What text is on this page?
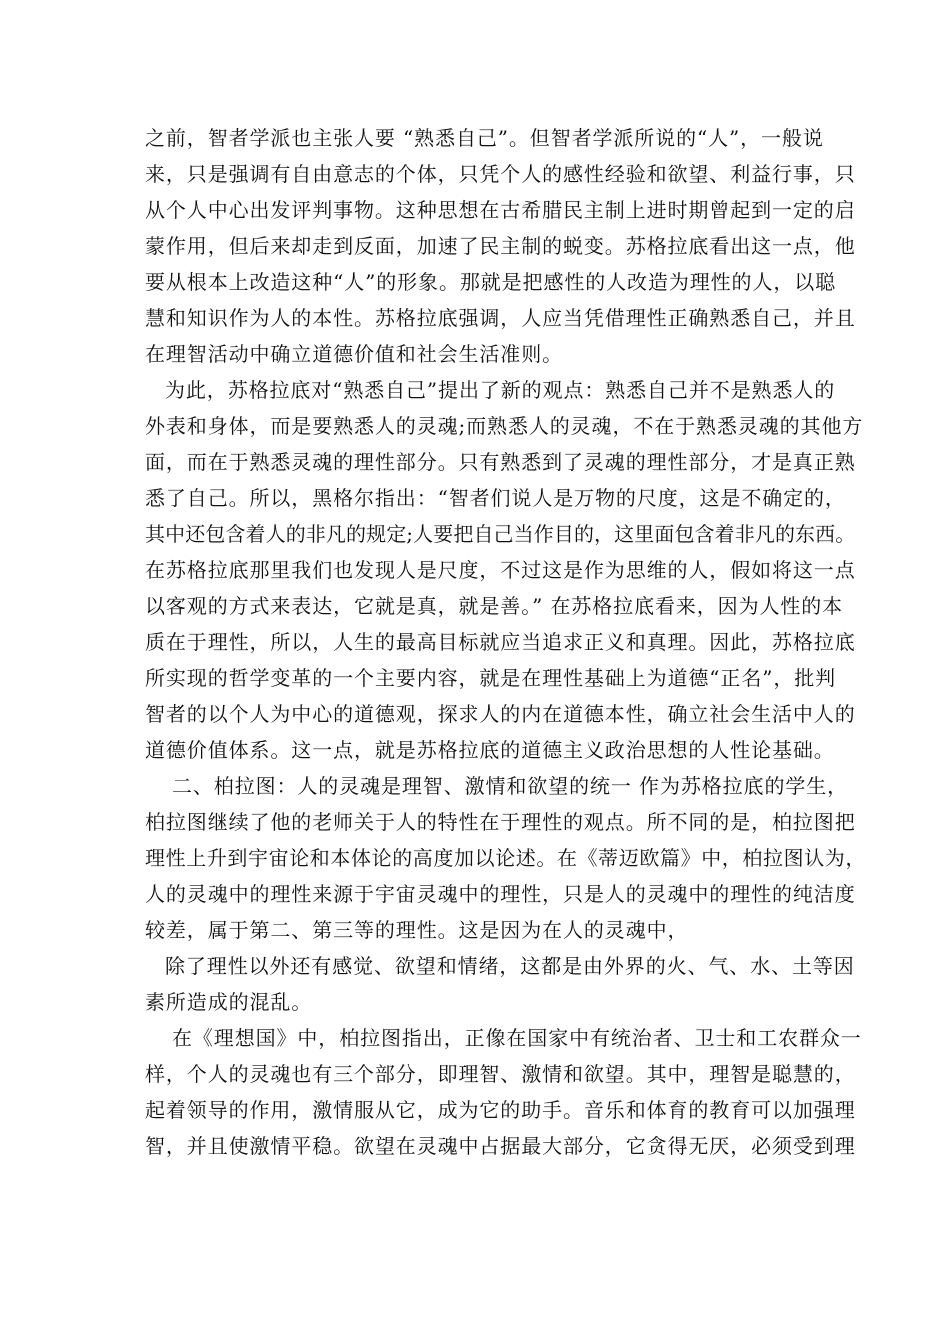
之前，智者学派也主张人要 “熟悉自己”。但智者学派所说的“人”，一般说
来，只是强调有自由意志的个体，只凭个人的感性经验和欲望、利益行事，只
从个人中心出发评判事物。这种思想在古希腊民主制上进时期曾起到一定的启
蒙作用，但后来却走到反面，加速了民主制的蜕变。苏格拉底看出这一点，他
要从根本上改造这种“人”的形象。那就是把感性的人改造为理性的人，以聪
慧和知识作为人的本性。苏格拉底强调，人应当凭借理性正确熟悉自己，并且
在理智活动中确立道德价值和社会生活准则。
为此，苏格拉底对“熟悉自己”提出了新的观点：熟悉自己并不是熟悉人的
外表和身体，而是要熟悉人的灵魂;而熟悉人的灵魂，不在于熟悉灵魂的其他方
面，而在于熟悉灵魂的理性部分。只有熟悉到了灵魂的理性部分，才是真正熟
悉了自己。所以，黑格尔指出：“智者们说人是万物的尺度，这是不确定的，
其中还包含着人的非凡的规定;人要把自己当作目的，这里面包含着非凡的东西。
在苏格拉底那里我们也发现人是尺度，不过这是作为思维的人，假如将这一点
以客观的方式来表达，它就是真，就是善。” 在苏格拉底看来，因为人性的本
质在于理性，所以，人生的最高目标就应当追求正义和真理。因此，苏格拉底
所实现的哲学变革的一个主要内容，就是在理性基础上为道德“正名”，批判
智者的以个人为中心的道德观，探求人的内在道德本性，确立社会生活中人的
道德价值体系。这一点，就是苏格拉底的道德主义政治思想的人性论基础。
二、柏拉图：人的灵魂是理智、激情和欲望的统一 作为苏格拉底的学生，
柏拉图继续了他的老师关于人的特性在于理性的观点。所不同的是，柏拉图把
理性上升到宇宙论和本体论的高度加以论述。在《蒂迈欧篇》中，柏拉图认为，
人的灵魂中的理性来源于宇宙灵魂中的理性，只是人的灵魂中的理性的纯洁度
较差，属于第二、第三等的理性。这是因为在人的灵魂中，
除了理性以外还有感觉、欲望和情绪，这都是由外界的火、气、水、土等因
素所造成的混乱。
在《理想国》中，柏拉图指出，正像在国家中有统治者、卫士和工农群众一
样，个人的灵魂也有三个部分，即理智、激情和欲望。其中，理智是聪慧的，
起着领导的作用，激情服从它，成为它的助手。音乐和体育的教育可以加强理
智，并且使激情平稳。欲望在灵魂中占据最大部分，它贪得无厌，必须受到理
